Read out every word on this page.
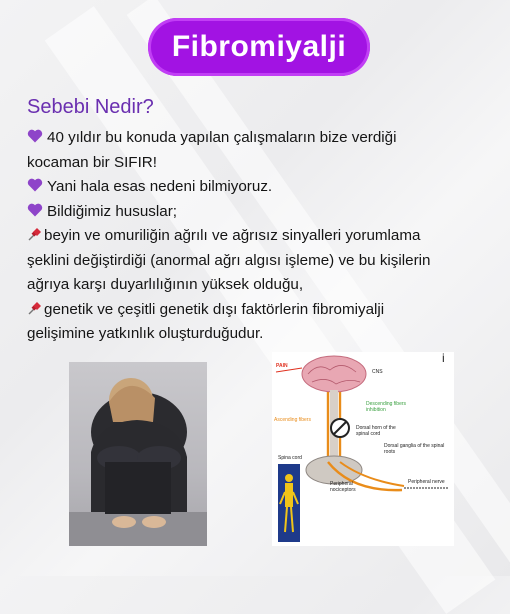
Fibromiyalji
Sebebi Nedir?
40 yıldır bu konuda yapılan çalışmaların bize verdiği
kocaman bir SIFIR!
Yani hala esas nedeni bilmiyoruz.
Bildiğimiz hususlar;
beyin ve omuriliğin ağrılı ve ağrısız sinyalleri yorumlama
şeklini değiştirdiği (anormal ağrı algısı işleme) ve bu kişilerin
ağrıya karşı duyarlılığının yüksek olduğu,
genetik ve çeşitli genetik dışı faktörlerin fibromiyalji
gelişimine yatkınlık oluşturduğudur.
PAIN
CNS
Descending fibers inhibition
Ascending fibers
Dorsal horn of the spinal cord
Dorsal ganglia of the spinal roots
Spina cord
Peripheral nociceptors
Peripheral nerve
i
